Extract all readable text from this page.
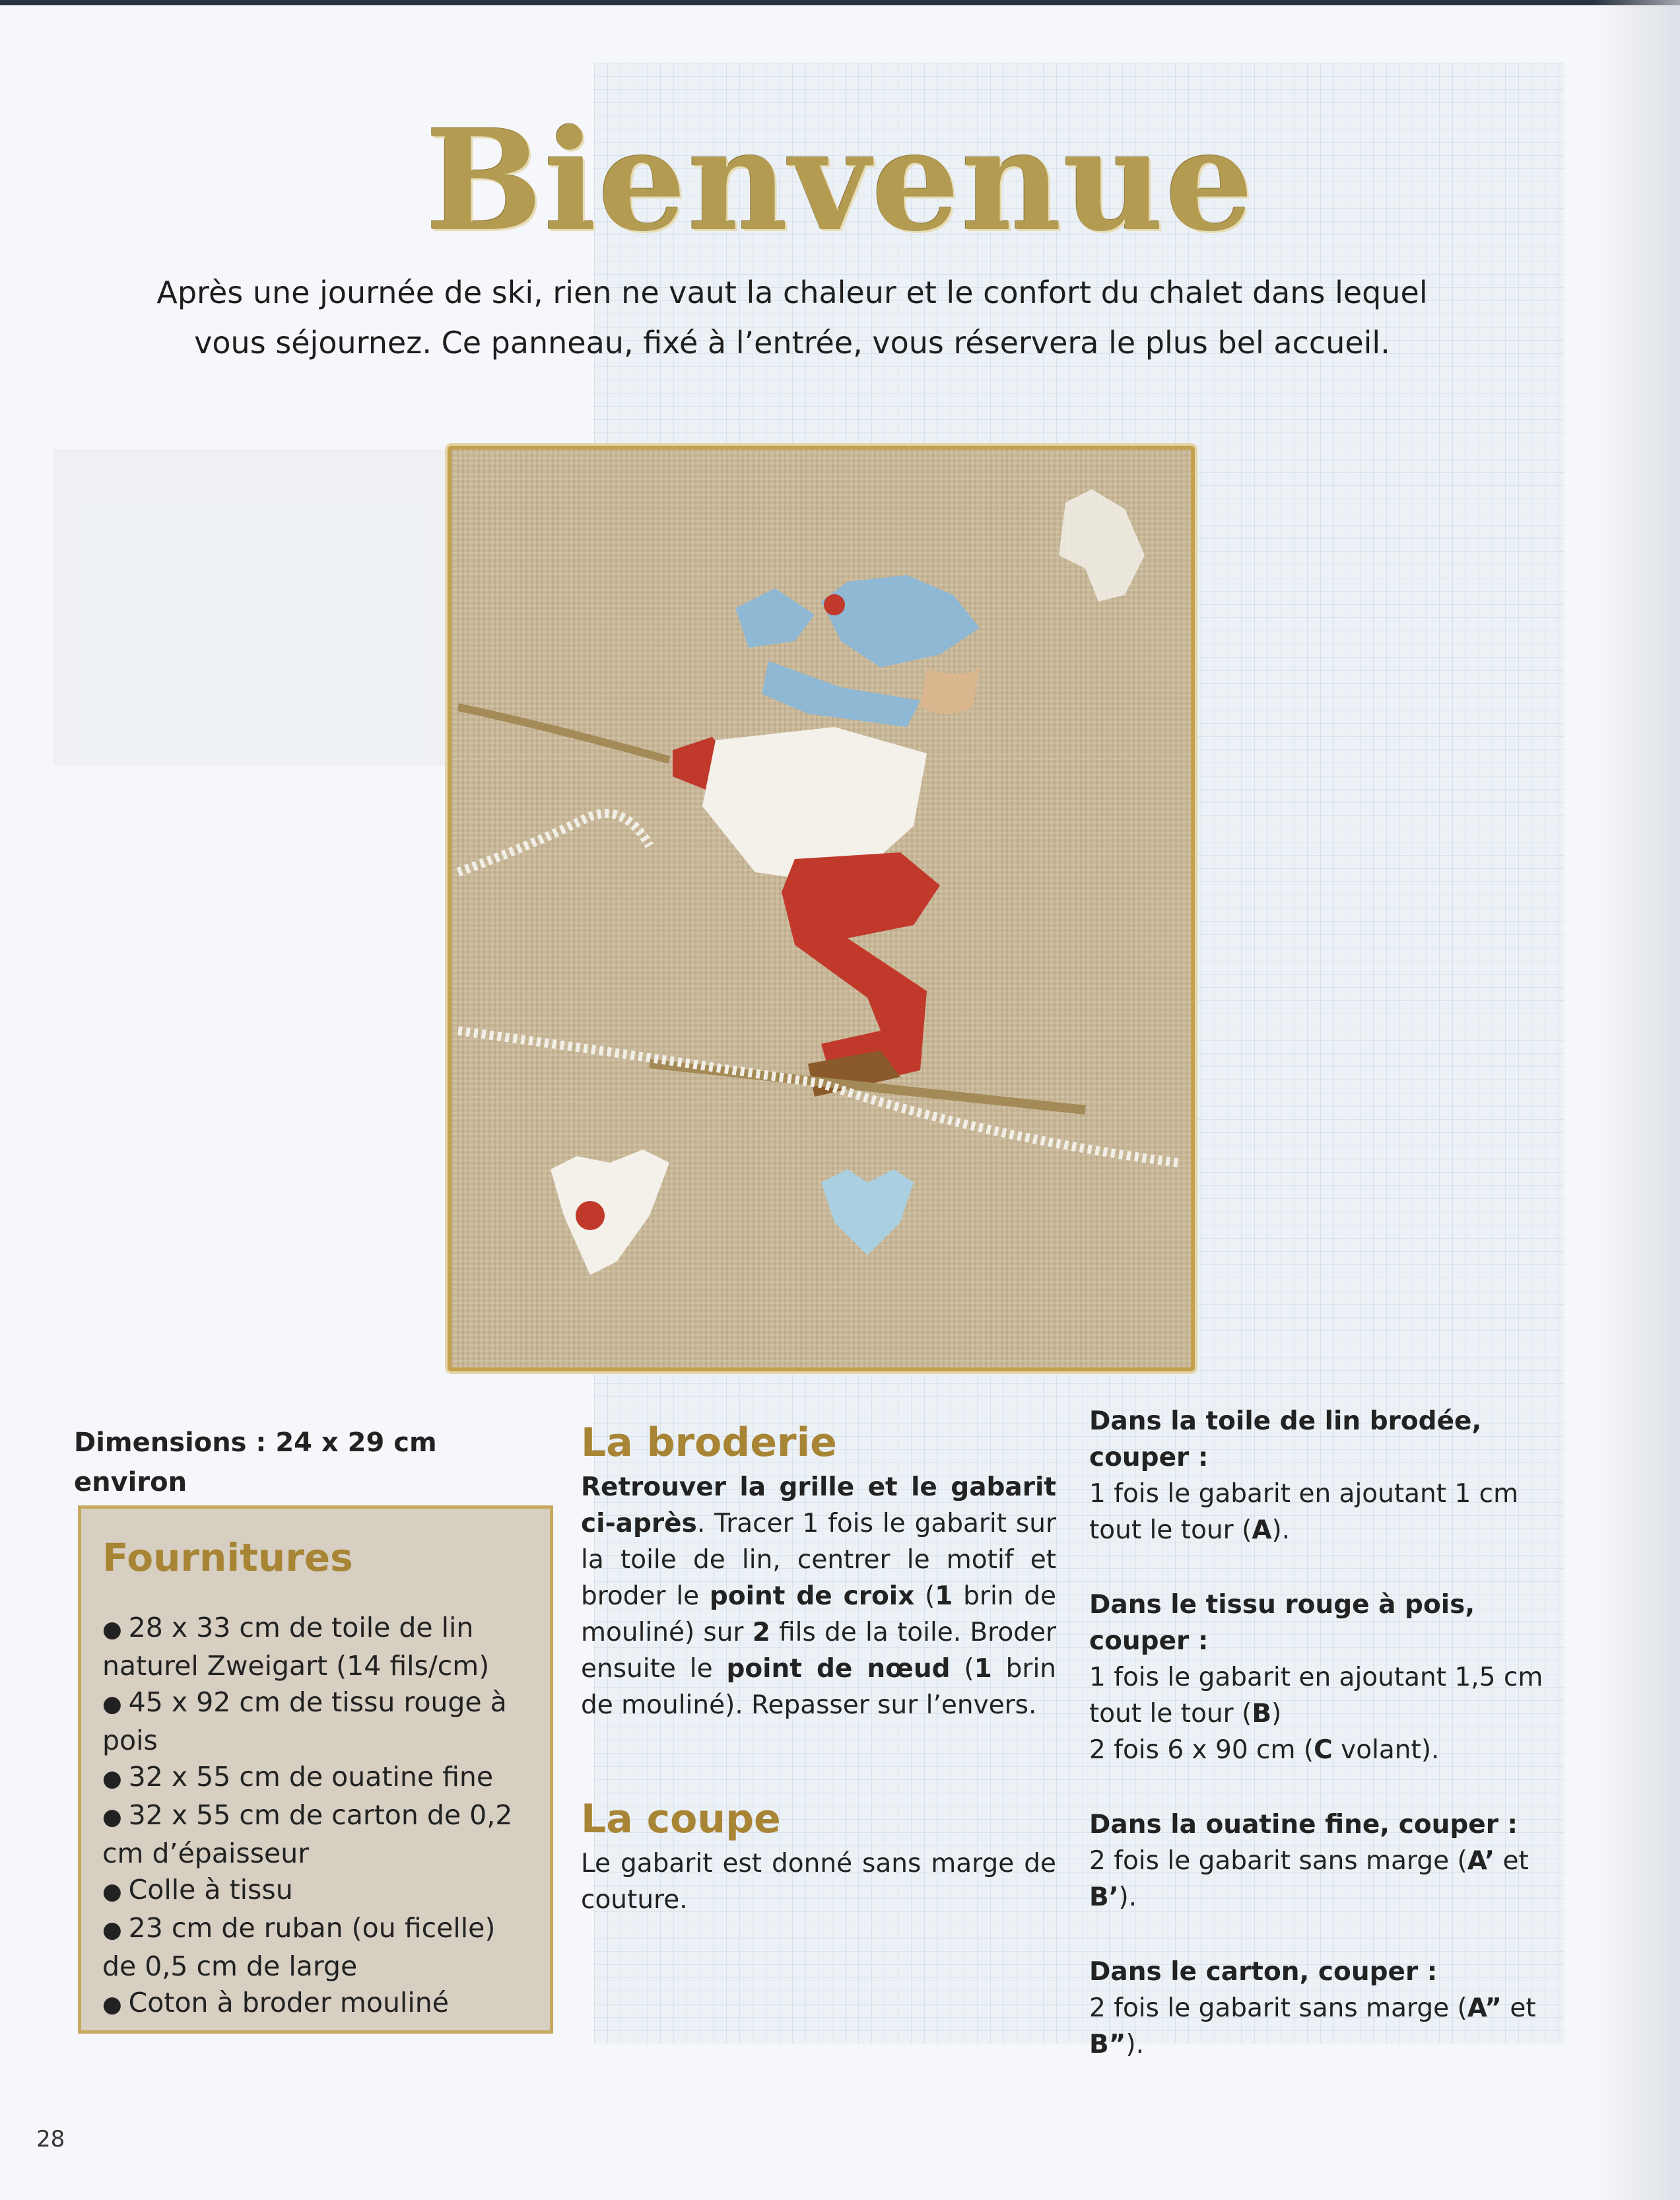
Bienvenue

Après une journée de ski, rien ne vaut la chaleur et le confort du chalet dans lequel
vous séjournez. Ce panneau, fixé à l’entrée, vous réservera le plus bel accueil.

Dimensions : 24 x 29 cm
environ

Fournitures
● 28 x 33 cm de toile de lin naturel Zweigart (14 fils/cm)
● 45 x 92 cm de tissu rouge à pois
● 32 x 55 cm de ouatine fine
● 32 x 55 cm de carton de 0,2 cm d’épaisseur
● Colle à tissu
● 23 cm de ruban (ou ficelle) de 0,5 cm de large
● Coton à broder mouliné
La broderie

Retrouver la grille et le gabarit ci-après. Tracer 1 fois le gabarit sur la toile de lin, centrer le motif et broder le point de croix (1 brin de mouliné) sur 2 fils de la toile. Broder ensuite le point de nœud (1 brin de mouliné). Repasser sur l’envers.

La coupe

Le gabarit est donné sans marge de couture.

Dans la toile de lin brodée, couper :

1 fois le gabarit en ajoutant 1 cm tout le tour (A).

Dans le tissu rouge à pois, couper :

1 fois le gabarit en ajoutant 1,5 cm tout le tour (B)
2 fois 6 x 90 cm (C volant).

Dans la ouatine fine, couper :

2 fois le gabarit sans marge (A’ et B’).

Dans le carton, couper :

2 fois le gabarit sans marge (A” et B”).

28
